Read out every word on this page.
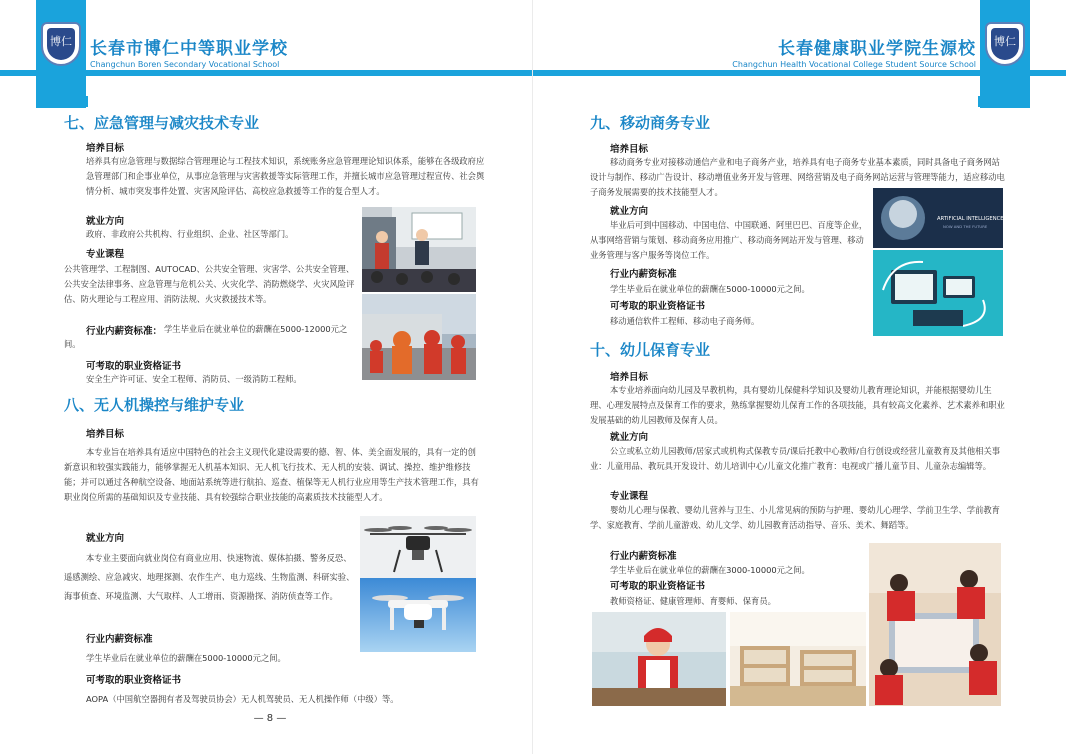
博仁 长春市博仁中等职业学校
Changchun Boren Secondary Vocational School
七、应急管理与减灾技术专业
培养目标
培养具有应急管理与数据综合管理理论与工程技术知识，系统账务应急管理理论知识体系，能够在各级政府应急管理部门和企事业单位，从事应急管理与灾害救援等实际管理工作，并擅长城市应急管理过程宣传、社会舆情分析、城市突发事件处置、灾害风险评估、高校应急救援等工作的复合型人才。
就业方向
政府、非政府公共机构、行业组织、企业、社区等部门。
专业课程
公共管理学、工程制图、AUTOCAD、公共安全管理、灾害学、公共安全管理、公共安全法律事务、应急管理与危机公关、火灾化学、消防燃烧学、火灾风险评估、防火理论与工程应用、消防法规、火灾救援技术等。
行业内薪资标准： 学生毕业后在就业单位的薪酬在5000-12000元之间。
可考取的职业资格证书
安全生产许可证、安全工程师、消防员、一级消防工程师。
八、无人机操控与维护专业
培养目标
本专业旨在培养具有适应中国特色的社会主义现代化建设需要的德、智、体、美全面发展的，具有一定的创新意识和较强实践能力，能够掌握无人机基本知识、无人机飞行技术、无人机的安装、调试、操控、维护维修技能；并可以通过各种航空设备、地面站系统等进行航拍、巡查、植保等无人机行业应用等生产技术管理工作，具有职业岗位所需的基础知识及专业技能、具有较强综合职业技能的高素质技术技能型人才。
就业方向
本专业主要面向就业岗位有商业应用、快速物流、媒体拍摄、警务反恐、遥感测绘、应急减灾、地理探测、农作生产、电力巡线、生物监测、科研实验、海事侦查、环境监测、大气取样、人工增雨、资源勘探、消防侦查等工作。
行业内薪资标准
学生毕业后在就业单位的薪酬在5000-10000元之间。
可考取的职业资格证书
AOPA（中国航空器拥有者及驾驶员协会）无人机驾驶员、无人机操作师（中级）等。
— 8 —
博仁
长春健康职业学院生源校
Changchun Health Vocational College Student Source School
九、移动商务专业
培养目标
移动商务专业对接移动通信产业和电子商务产业，培养具有电子商务专业基本素质，同时具备电子商务网站设计与制作、移动广告设计、移动增值业务开发与管理、网络营销及电子商务网站运营与管理等能力，适应移动电子商务发展需要的技术技能型人才。
就业方向
毕业后可到中国移动、中国电信、中国联通、阿里巴巴、百度等企业，从事网络营销与策划、移动商务应用推广、移动商务网站开发与管理、移动业务管理与客户服务等岗位工作。
行业内薪资标准
学生毕业后在就业单位的薪酬在5000-10000元之间。
可考取的职业资格证书
移动通信软件工程师、移动电子商务师。
ARTIFICIAL INTELLIGENCE
NOW AND THE FUTURE
十、幼儿保育专业
培养目标
本专业培养面向幼儿园及早教机构，具有婴幼儿保健科学知识及婴幼儿教育理论知识，并能根据婴幼儿生理、心理发展特点及保育工作的要求，熟练掌握婴幼儿保育工作的各项技能，具有较高文化素养、艺术素养和职业发展基础的幼儿园教师及保育人员。
就业方向
公立或私立幼儿园教师/居家式或机构式保教专员/课后托教中心教师/自行创设或经营儿童教育及其他相关事业：儿童用品、教玩具开发设计、幼儿培训中心/儿童文化推广教育：电视或广播儿童节目、儿童杂志编辑等。
专业课程
婴幼儿心理与保教、婴幼儿营养与卫生、小儿常见病的预防与护理、婴幼儿心理学、学前卫生学、学前教育学、家庭教育、学前儿童游戏、幼儿文学、幼儿园教育活动指导、音乐、美术、舞蹈等。
行业内薪资标准
学生毕业后在就业单位的薪酬在3000-10000元之间。
可考取的职业资格证书
教师资格证、健康管理师、育婴师、保育员。
